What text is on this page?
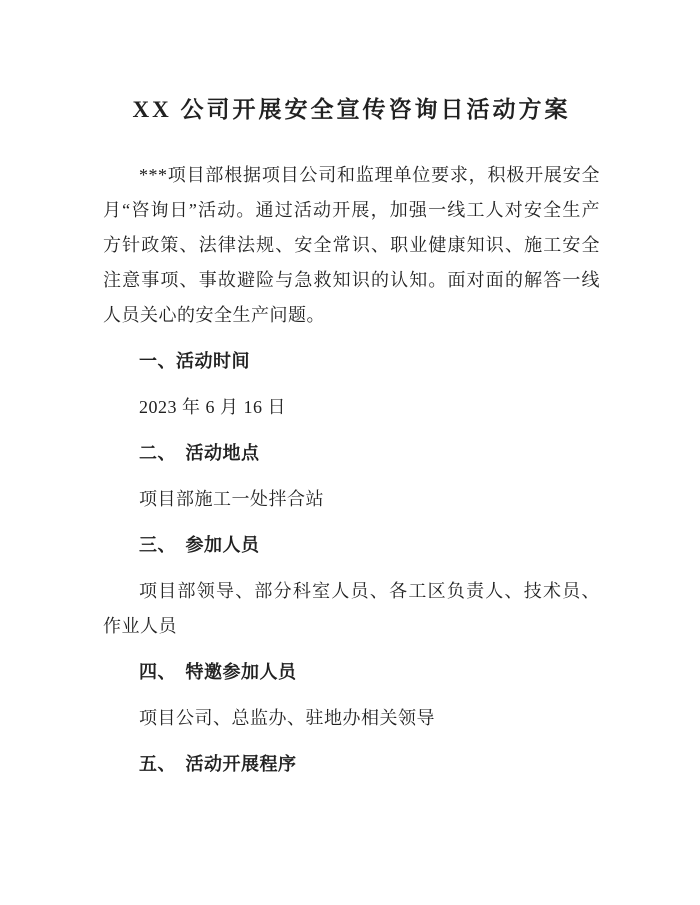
XX 公司开展安全宣传咨询日活动方案

***项目部根据项目公司和监理单位要求，积极开展安全月“咨询日”活动。通过活动开展，加强一线工人对安全生产方针政策、法律法规、安全常识、职业健康知识、施工安全注意事项、事故避险与急救知识的认知。面对面的解答一线人员关心的安全生产问题。

一、活动时间

2023 年 6 月 16 日

二、　活动地点

项目部施工一处拌合站

三、　参加人员

项目部领导、部分科室人员、各工区负责人、技术员、作业人员

四、　特邀参加人员

项目公司、总监办、驻地办相关领导

五、　活动开展程序
